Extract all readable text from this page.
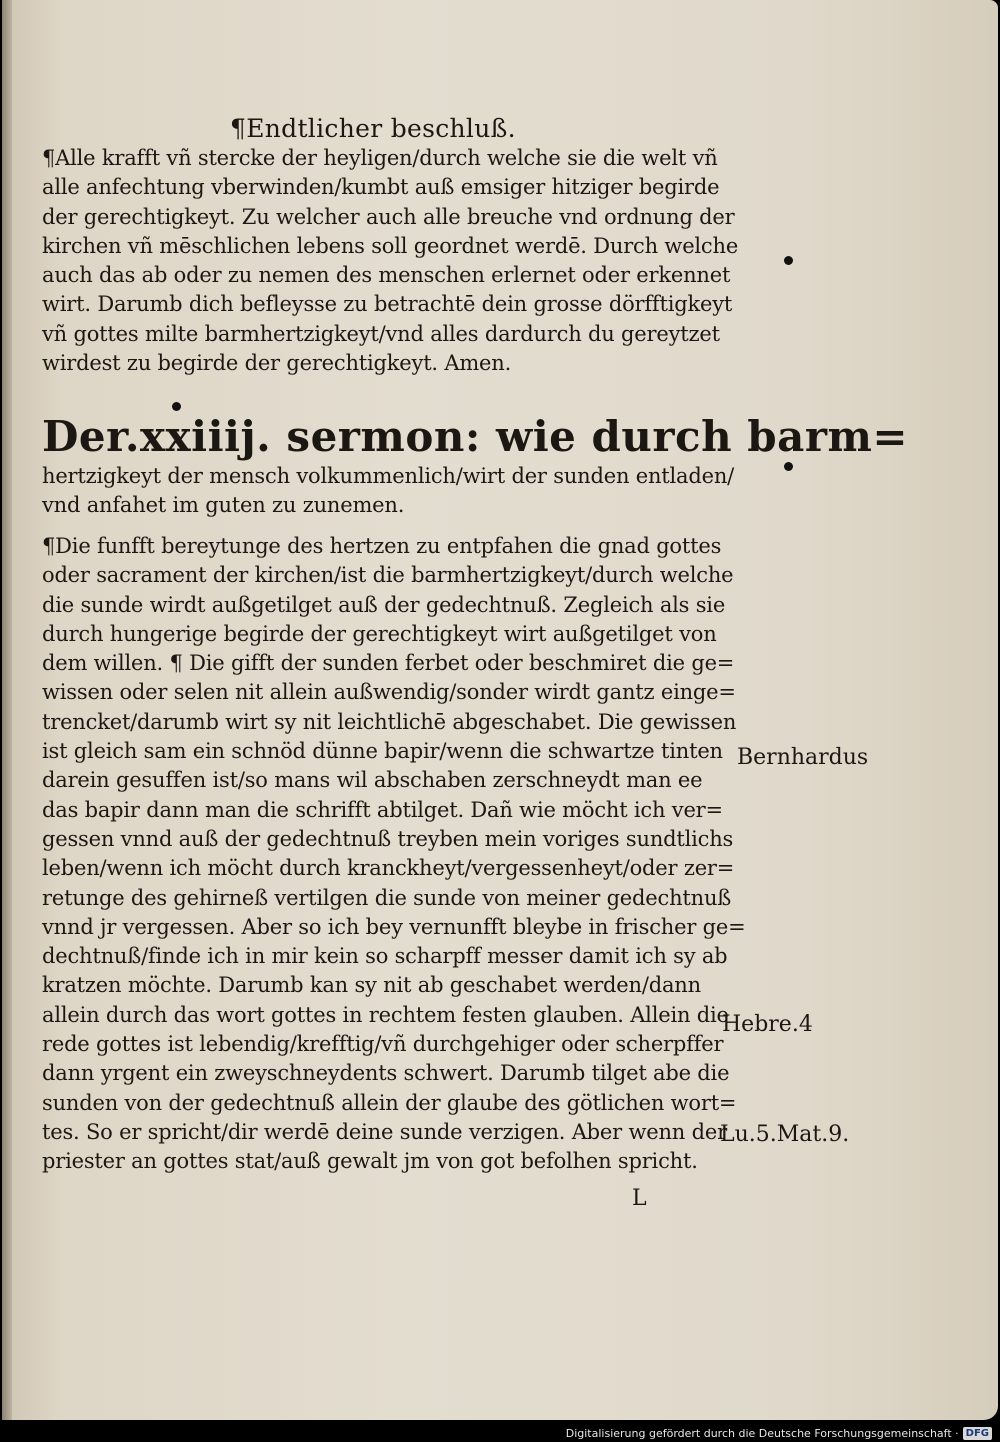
¶Endtlicher beschluß.
¶Alle krafft vñ stercke der heyligen/durch welche sie die welt vñ
alle anfechtung vberwinden/kumbt auß emsiger hitziger begirde
der gerechtigkeyt. Zu welcher auch alle breuche vnd ordnung der
kirchen vñ mēschlichen lebens soll geordnet werdē. Durch welche
auch das ab oder zu nemen des menschen erlernet oder erkennet
wirt. Darumb dich befleysse zu betrachtē dein grosse dörfftigkeyt
vñ gottes milte barmhertzigkeyt/vnd alles dardurch du gereytzet
wirdest zu begirde der gerechtigkeyt. Amen.
Der.xxiiij. sermon: wie durch barm=
hertzigkeyt der mensch volkummenlich/wirt der sunden entladen/
vnd anfahet im guten zu zunemen.
¶Die funfft bereytunge des hertzen zu entpfahen die gnad gottes
oder sacrament der kirchen/ist die barmhertzigkeyt/durch welche
die sunde wirdt außgetilget auß der gedechtnuß. Zegleich als sie
durch hungerige begirde der gerechtigkeyt wirt außgetilget von
dem willen. ¶ Die gifft der sunden ferbet oder beschmiret die ge=
wissen oder selen nit allein außwendig/sonder wirdt gantz einge=
trencket/darumb wirt sy nit leichtlichē abgeschabet. Die gewissen
ist gleich sam ein schnöd dünne bapir/wenn die schwartze tinten
darein gesuffen ist/so mans wil abschaben zerschneydt man ee
das bapir dann man die schrifft abtilget. Dañ wie möcht ich ver=
gessen vnnd auß der gedechtnuß treyben mein voriges sundtlichs
leben/wenn ich möcht durch kranckheyt/vergessenheyt/oder zer=
retunge des gehirneß vertilgen die sunde von meiner gedechtnuß
vnnd jr vergessen. Aber so ich bey vernunfft bleybe in frischer ge=
dechtnuß/finde ich in mir kein so scharpff messer damit ich sy ab
kratzen möchte. Darumb kan sy nit ab geschabet werden/dann
allein durch das wort gottes in rechtem festen glauben. Allein die
rede gottes ist lebendig/krefftig/vñ durchgehiger oder scherpffer
dann yrgent ein zweyschneydents schwert. Darumb tilget abe die
sunden von der gedechtnuß allein der glaube des götlichen wort=
tes. So er spricht/dir werdē deine sunde verzigen. Aber wenn der
priester an gottes stat/auß gewalt jm von got befolhen spricht.
Bernhardus
Hebre.4
Lu.5.Mat.9.
L
Digitalisierung gefördert durch die Deutsche Forschungsgemeinschaft · DFG
